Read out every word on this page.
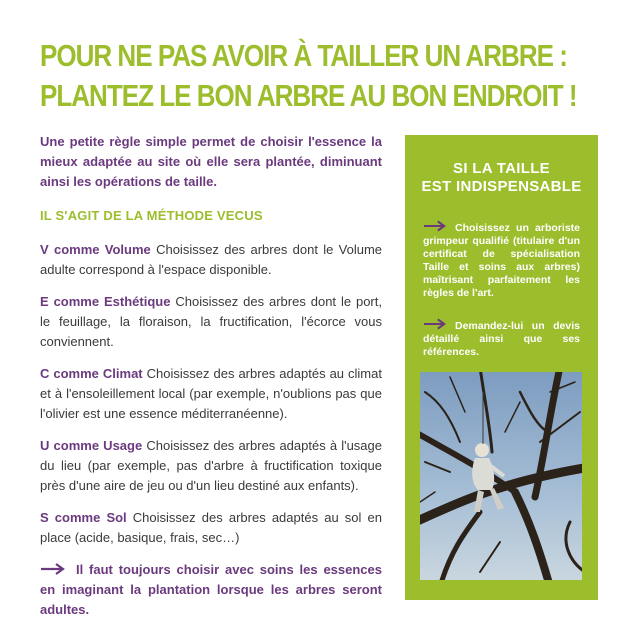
POUR NE PAS AVOIR À TAILLER UN ARBRE :
PLANTEZ LE BON ARBRE AU BON ENDROIT !

Une petite règle simple permet de choisir l'essence la mieux adaptée au site où elle sera plantée, diminuant ainsi les opérations de taille.

IL S'AGIT DE LA MÉTHODE VECUS

V comme Volume Choisissez des arbres dont le Volume adulte correspond à l'espace disponible.

E comme Esthétique Choisissez des arbres dont le port, le feuillage, la floraison, la fructification, l'écorce vous conviennent.

C comme Climat Choisissez des arbres adaptés au climat et à l'ensoleillement local (par exemple, n'oublions pas que l'olivier est une essence méditerranéenne).

U comme Usage Choisissez des arbres adaptés à l'usage du lieu (par exemple, pas d'arbre à fructification toxique près d'une aire de jeu ou d'un lieu destiné aux enfants).

S comme Sol Choisissez des arbres adaptés au sol en place (acide, basique, frais, sec…)

Il faut toujours choisir avec soins les essences en imaginant la plantation lorsque les arbres seront adultes.

SI LA TAILLE
EST INDISPENSABLE

Choisissez un arboriste grimpeur qualifié (titulaire d'un certificat de spécialisation Taille et soins aux arbres) maîtrisant parfaitement les règles de l'art.

Demandez-lui un devis détaillé ainsi que ses références.
